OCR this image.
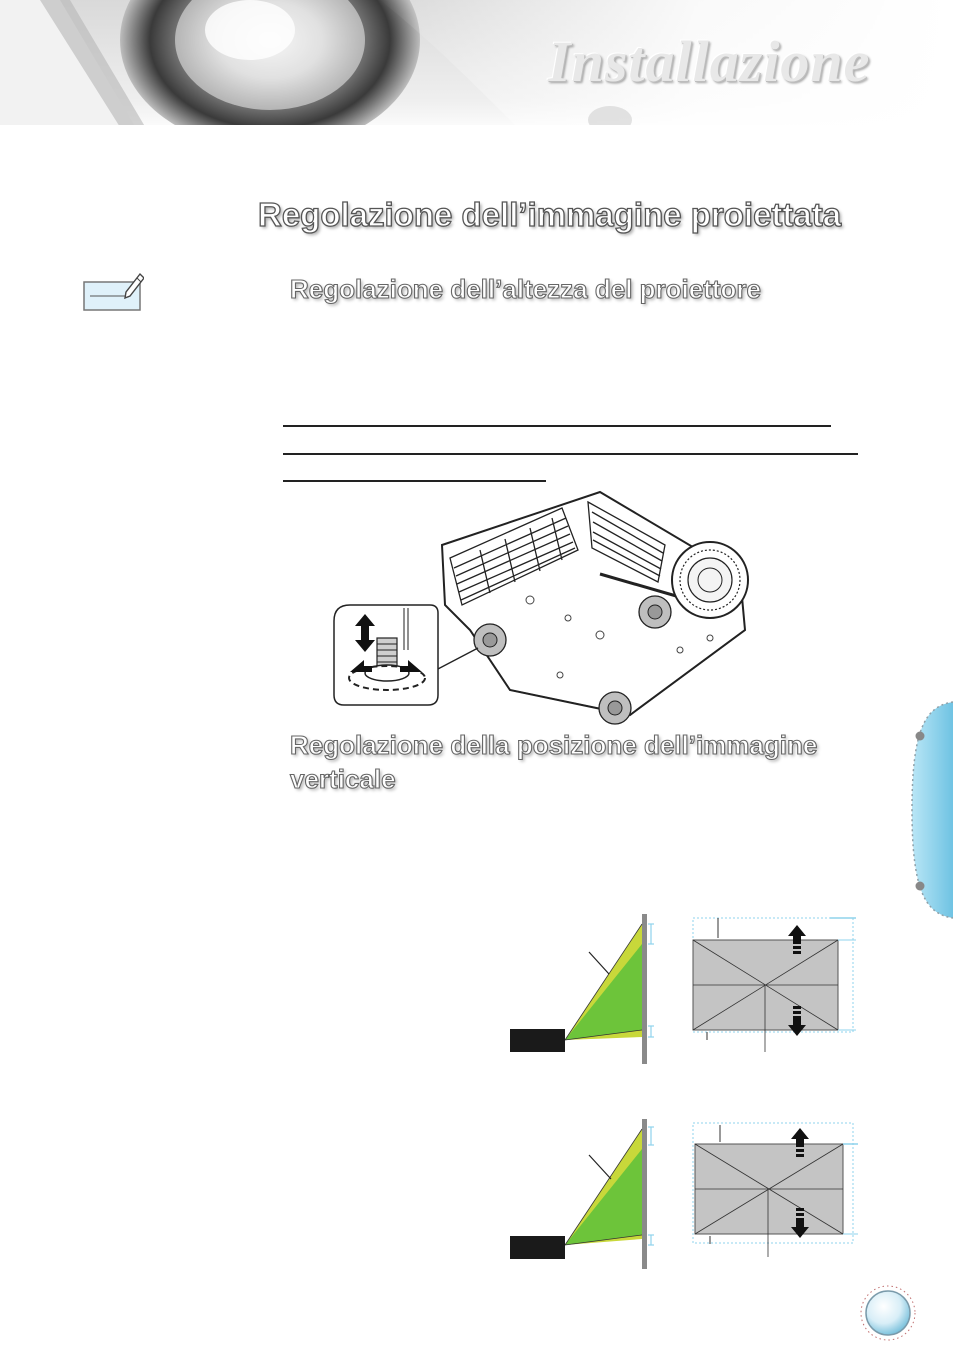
Installazione
Regolazione dell’immagine proiettata
Regolazione dell’altezza del proiettore
Regolazione della posizione dell’immagine
verticale
